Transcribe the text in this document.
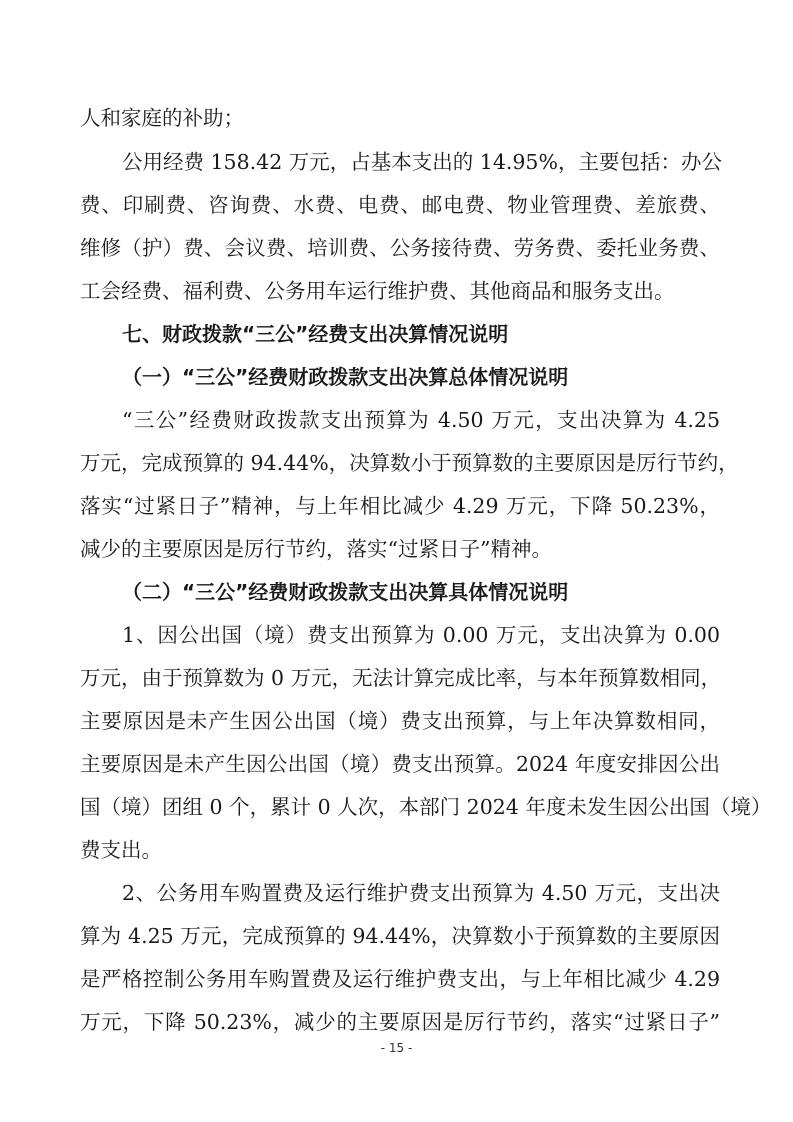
人和家庭的补助；
公用经费 158.42 万元，占基本支出的 14.95%，主要包括：办公
费、印刷费、咨询费、水费、电费、邮电费、物业管理费、差旅费、
维修（护）费、会议费、培训费、公务接待费、劳务费、委托业务费、
工会经费、福利费、公务用车运行维护费、其他商品和服务支出。
七、财政拨款“三公”经费支出决算情况说明
（一）“三公”经费财政拨款支出决算总体情况说明
“三公”经费财政拨款支出预算为 4.50 万元，支出决算为 4.25
万元，完成预算的 94.44%，决算数小于预算数的主要原因是厉行节约，
落实“过紧日子”精神，与上年相比减少 4.29 万元，下降 50.23%，
减少的主要原因是厉行节约，落实“过紧日子”精神。
（二）“三公”经费财政拨款支出决算具体情况说明
1、因公出国（境）费支出预算为 0.00 万元，支出决算为 0.00
万元，由于预算数为 0 万元，无法计算完成比率，与本年预算数相同，
主要原因是未产生因公出国（境）费支出预算，与上年决算数相同，
主要原因是未产生因公出国（境）费支出预算。2024 年度安排因公出
国（境）团组 0 个，累计 0 人次，本部门 2024 年度未发生因公出国（境）
费支出。
2、公务用车购置费及运行维护费支出预算为 4.50 万元，支出决
算为 4.25 万元，完成预算的 94.44%，决算数小于预算数的主要原因
是严格控制公务用车购置费及运行维护费支出，与上年相比减少 4.29
万元，下降 50.23%，减少的主要原因是厉行节约，落实“过紧日子”
- 15 -
